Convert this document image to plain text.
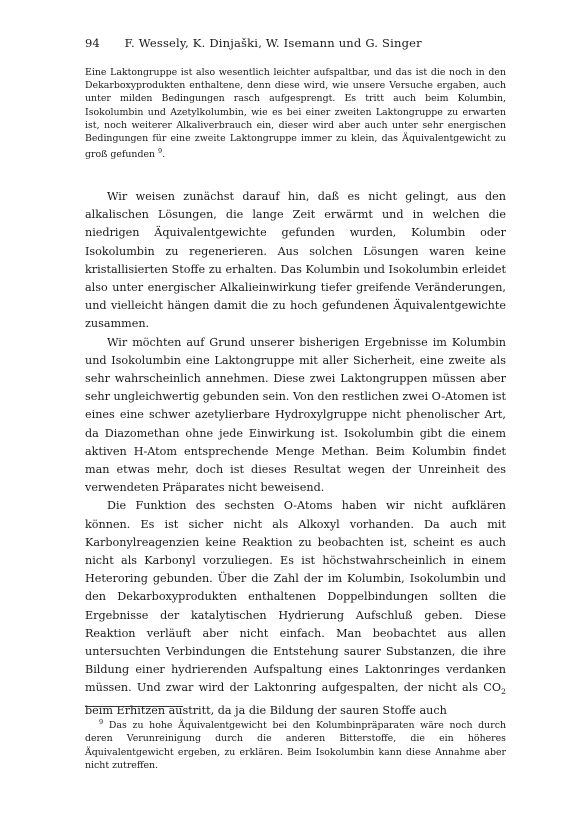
94 F. Wessely, K. Dinjaški, W. Isemann und G. Singer

Eine Laktongruppe ist also wesentlich leichter aufspaltbar, und das ist die noch in den Dekarboxyprodukten enthaltene, denn diese wird, wie unsere Versuche ergaben, auch unter milden Bedingungen rasch aufgesprengt. Es tritt auch beim Kolumbin, Isokolumbin und Azetylkolumbin, wie es bei einer zweiten Laktongruppe zu erwarten ist, noch weiterer Alkaliverbrauch ein, dieser wird aber auch unter sehr energischen Bedingungen für eine zweite Laktongruppe immer zu klein, das Äquivalentgewicht zu groß gefunden $^9$.

Wir weisen zunächst darauf hin, daß es nicht gelingt, aus den alkalischen Lösungen, die lange Zeit erwärmt und in welchen die niedrigen Äquivalentgewichte gefunden wurden, Kolumbin oder Isokolumbin zu regenerieren. Aus solchen Lösungen waren keine kristallisierten Stoffe zu erhalten. Das Kolumbin und Isokolumbin erleidet also unter energischer Alkalieinwirkung tiefer greifende Veränderungen, und vielleicht hängen damit die zu hoch gefundenen Äquivalentgewichte zusammen.

Wir möchten auf Grund unserer bisherigen Ergebnisse im Kolumbin und Isokolumbin eine Laktongruppe mit aller Sicherheit, eine zweite als sehr wahrscheinlich annehmen. Diese zwei Laktongruppen müssen aber sehr ungleichwertig gebunden sein. Von den restlichen zwei O-Atomen ist eines eine schwer azetylierbare Hydroxylgruppe nicht phenolischer Art, da Diazomethan ohne jede Einwirkung ist. Isokolumbin gibt die einem aktiven H-Atom entsprechende Menge Methan. Beim Kolumbin findet man etwas mehr, doch ist dieses Resultat wegen der Unreinheit des verwendeten Präparates nicht beweisend.

Die Funktion des sechsten O-Atoms haben wir nicht aufklären können. Es ist sicher nicht als Alkoxyl vorhanden. Da auch mit Karbonylreagenzien keine Reaktion zu beobachten ist, scheint es auch nicht als Karbonyl vorzuliegen. Es ist höchstwahrscheinlich in einem Heteroring gebunden. Über die Zahl der im Kolumbin, Isokolumbin und den Dekarboxyprodukten enthaltenen Doppelbindungen sollten die Ergebnisse der katalytischen Hydrierung Aufschluß geben. Diese Reaktion verläuft aber nicht einfach. Man beobachtet aus allen untersuchten Verbindungen die Entstehung saurer Substanzen, die ihre Bildung einer hydrierenden Aufspaltung eines Laktonringes verdanken müssen. Und zwar wird der Laktonring aufgespalten, der nicht als $CO_2$ beim Erhitzen austritt, da ja die Bildung der sauren Stoffe auch

$^9$ Das zu hohe Äquivalentgewicht bei den Kolumbinpräparaten wäre noch durch deren Verunreinigung durch die anderen Bitterstoffe, die ein höheres Äquivalentgewicht ergeben, zu erklären. Beim Isokolumbin kann diese Annahme aber nicht zutreffen.
